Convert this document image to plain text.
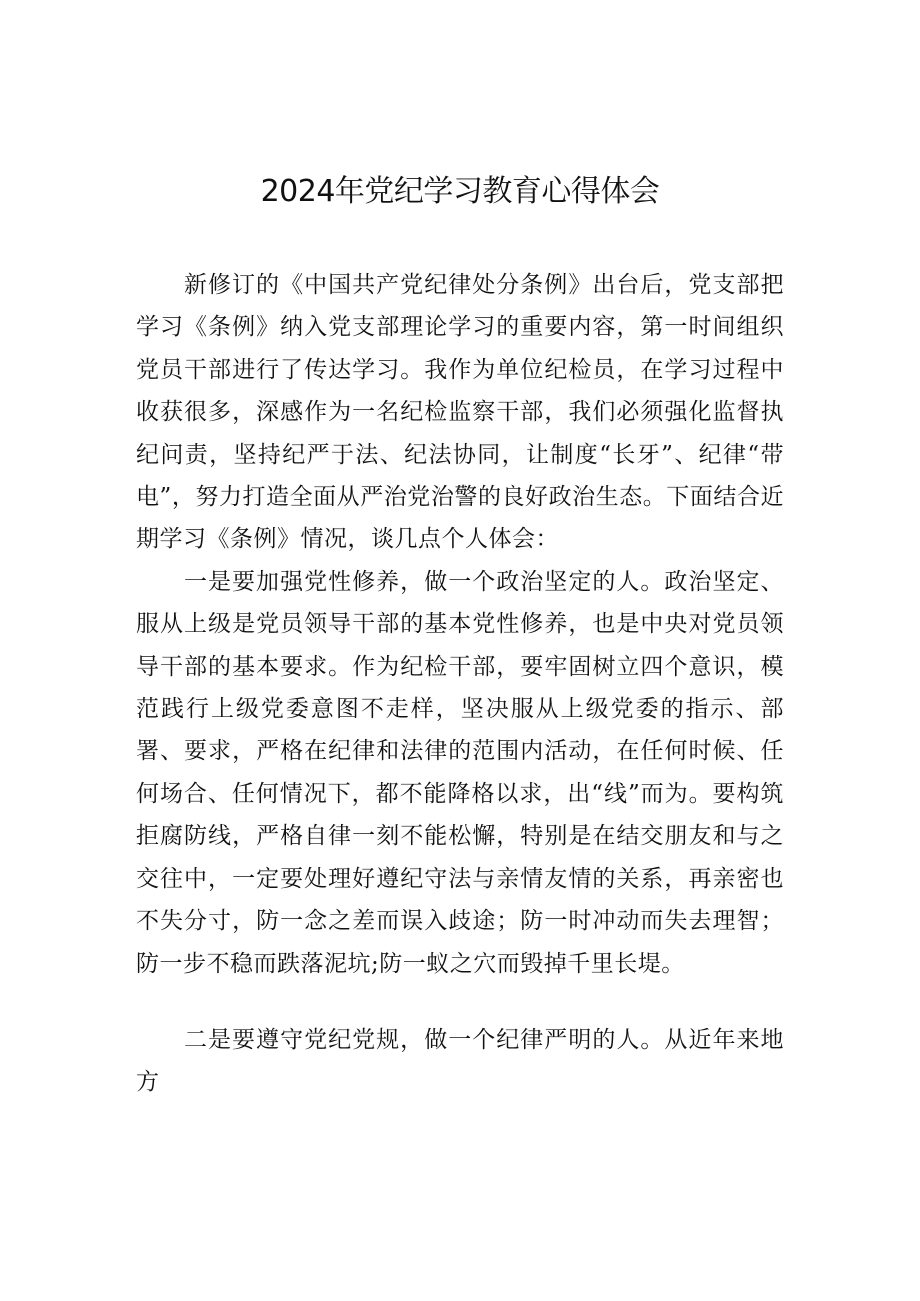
2024年党纪学习教育心得体会

新修订的《中国共产党纪律处分条例》出台后，党支部把学习《条例》纳入党支部理论学习的重要内容，第一时间组织党员干部进行了传达学习。我作为单位纪检员，在学习过程中收获很多，深感作为一名纪检监察干部，我们必须强化监督执纪问责，坚持纪严于法、纪法协同，让制度“长牙”、纪律“带电”，努力打造全面从严治党治警的良好政治生态。下面结合近期学习《条例》情况，谈几点个人体会：

一是要加强党性修养，做一个政治坚定的人。政治坚定、服从上级是党员领导干部的基本党性修养，也是中央对党员领导干部的基本要求。作为纪检干部，要牢固树立四个意识，模范践行上级党委意图不走样，坚决服从上级党委的指示、部署、要求，严格在纪律和法律的范围内活动，在任何时候、任何场合、任何情况下，都不能降格以求，出“线”而为。要构筑拒腐防线，严格自律一刻不能松懈，特别是在结交朋友和与之交往中，一定要处理好遵纪守法与亲情友情的关系，再亲密也不失分寸，防一念之差而误入歧途；防一时冲动而失去理智；防一步不稳而跌落泥坑;防一蚁之穴而毁掉千里长堤。

二是要遵守党纪党规，做一个纪律严明的人。从近年来地方
